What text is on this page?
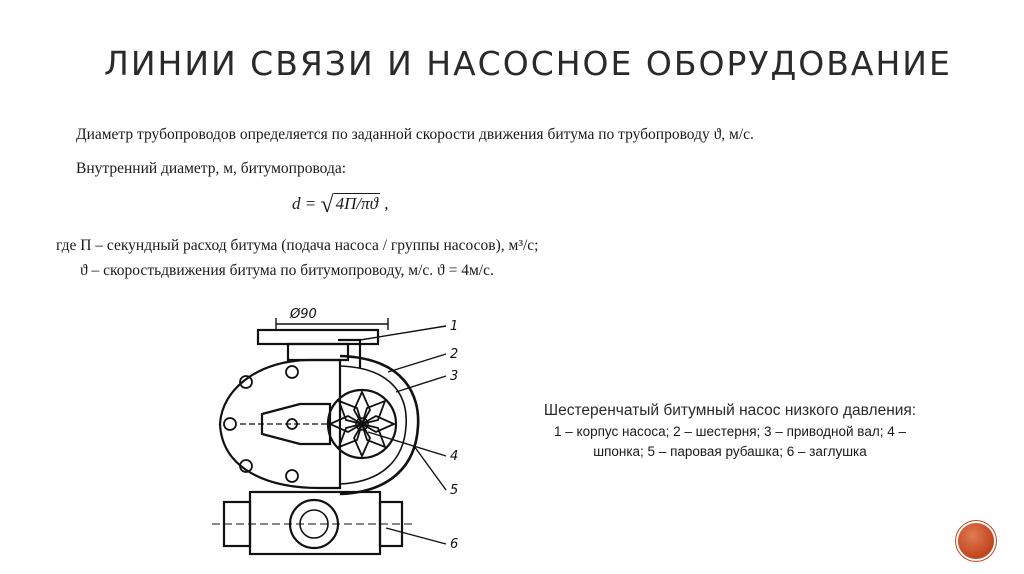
ЛИНИИ СВЯЗИ И НАСОСНОЕ ОБОРУДОВАНИЕ
Диаметр трубопроводов определяется по заданной скорости движения битума по трубопроводу ϑ, м/с.
Внутренний диаметр, м, битумопровода:
d = √ 4П/πϑ ,
где П – секундный расход битума (подача насоса / группы насосов), м³/с;
ϑ – скоростьдвижения битума по битумопроводу, м/с. ϑ = 4м/с.
Ø90
1
2
3
4
5
6
Шестеренчатый битумный насос низкого давления:
1 – корпус насоса; 2 – шестерня; 3 – приводной вал; 4 – шпонка; 5 – паровая рубашка; 6 – заглушка
